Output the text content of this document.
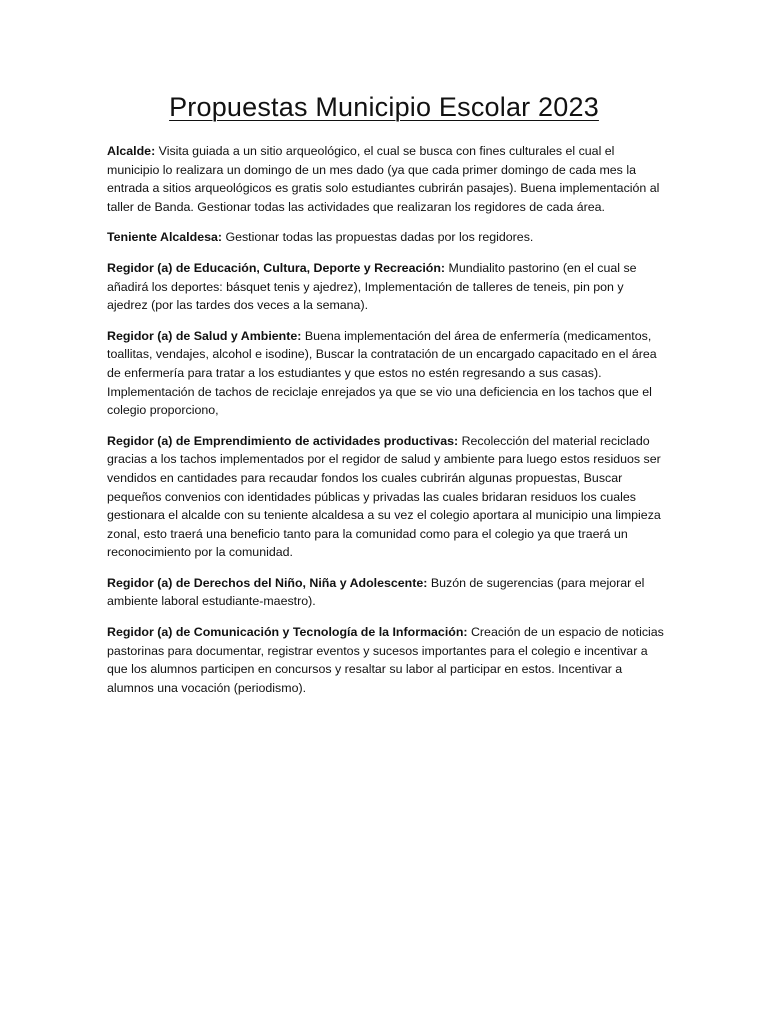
Propuestas Municipio Escolar 2023

Alcalde: Visita guiada a un sitio arqueológico, el cual se busca con fines culturales el cual el municipio lo realizara un domingo de un mes dado (ya que cada primer domingo de cada mes la entrada a sitios arqueológicos es gratis solo estudiantes cubrirán pasajes). Buena implementación al taller de Banda. Gestionar todas las actividades que realizaran los regidores de cada área.

Teniente Alcaldesa: Gestionar todas las propuestas dadas por los regidores.

Regidor (a) de Educación, Cultura, Deporte y Recreación: Mundialito pastorino (en el cual se añadirá los deportes: básquet tenis y ajedrez), Implementación de talleres de teneis, pin pon y ajedrez (por las tardes dos veces a la semana).

Regidor (a) de Salud y Ambiente: Buena implementación del área de enfermería (medicamentos, toallitas, vendajes, alcohol e isodine), Buscar la contratación de un encargado capacitado en el área de enfermería para tratar a los estudiantes y que estos no estén regresando a sus casas). Implementación de tachos de reciclaje enrejados ya que se vio una deficiencia en los tachos que el colegio proporciono,

Regidor (a) de Emprendimiento de actividades productivas: Recolección del material reciclado gracias a los tachos implementados por el regidor de salud y ambiente para luego estos residuos ser vendidos en cantidades para recaudar fondos los cuales cubrirán algunas propuestas, Buscar pequeños convenios con identidades públicas y privadas las cuales bridaran residuos los cuales gestionara el alcalde con su teniente alcaldesa a su vez el colegio aportara al municipio una limpieza zonal, esto traerá una beneficio tanto para la comunidad como para el colegio ya que traerá un reconocimiento por la comunidad.

Regidor (a) de Derechos del Niño, Niña y Adolescente: Buzón de sugerencias (para mejorar el ambiente laboral estudiante-maestro).

Regidor (a) de Comunicación y Tecnología de la Información: Creación de un espacio de noticias pastorinas para documentar, registrar eventos y sucesos importantes para el colegio e incentivar a que los alumnos participen en concursos y resaltar su labor al participar en estos. Incentivar a alumnos una vocación (periodismo).
